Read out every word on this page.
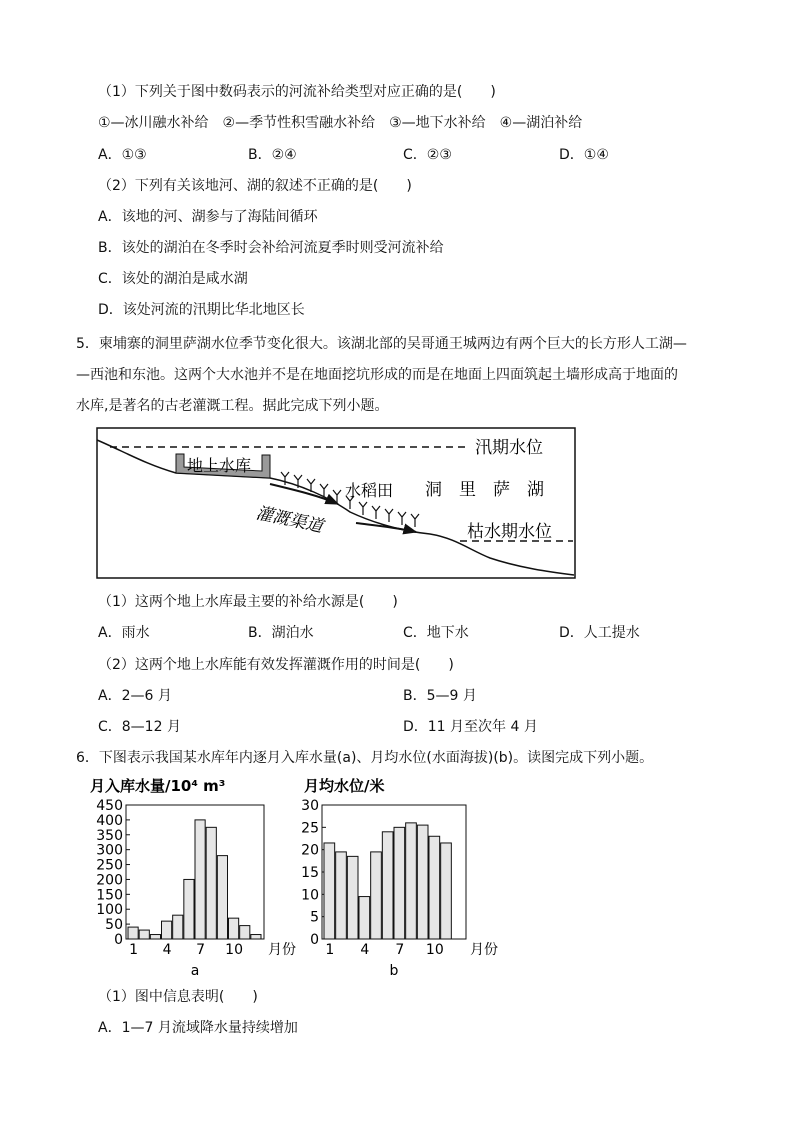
（1）下列关于图中数码表示的河流补给类型对应正确的是(　　)
①—冰川融水补给　②—季节性积雪融水补给　③—地下水补给　④—湖泊补给
A．①③	B．②④	C．②③	D．①④
（2）下列有关该地河、湖的叙述不正确的是(　　)
A．该地的河、湖参与了海陆间循环
B．该处的湖泊在冬季时会补给河流夏季时则受河流补给
C．该处的湖泊是咸水湖
D．该处河流的汛期比华北地区长
5．柬埔寨的洞里萨湖水位季节变化很大。该湖北部的吴哥通王城两边有两个巨大的长方形人工湖—
—西池和东池。这两个大水池并不是在地面挖坑形成的而是在地面上四面筑起土墙形成高于地面的
水库,是著名的古老灌溉工程。据此完成下列小题。
汛期水位
地上水库
水稻田 洞　里　萨　湖
灌溉渠道	枯水期水位
（1）这两个地上水库最主要的补给水源是(　　)
A．雨水	B．湖泊水	C．地下水	D．人工提水
（2）这两个地上水库能有效发挥灌溉作用的时间是(　　)
A．2—6 月	B．5—9 月
C．8—12 月	D．11 月至次年 4 月
6．下图表示我国某水库年内逐月入库水量(a)、月均水位(水面海拔)(b)。读图完成下列小题。
月入库水量/10⁴ m³
a
月份
0
50
100
150
200
250
300
350
400
450
1 4 7 10
月均水位/米
b
月份
0
5
10
15
20
25
30
1 4 7 10
（1）图中信息表明(　　)
A．1—7 月流域降水量持续增加
